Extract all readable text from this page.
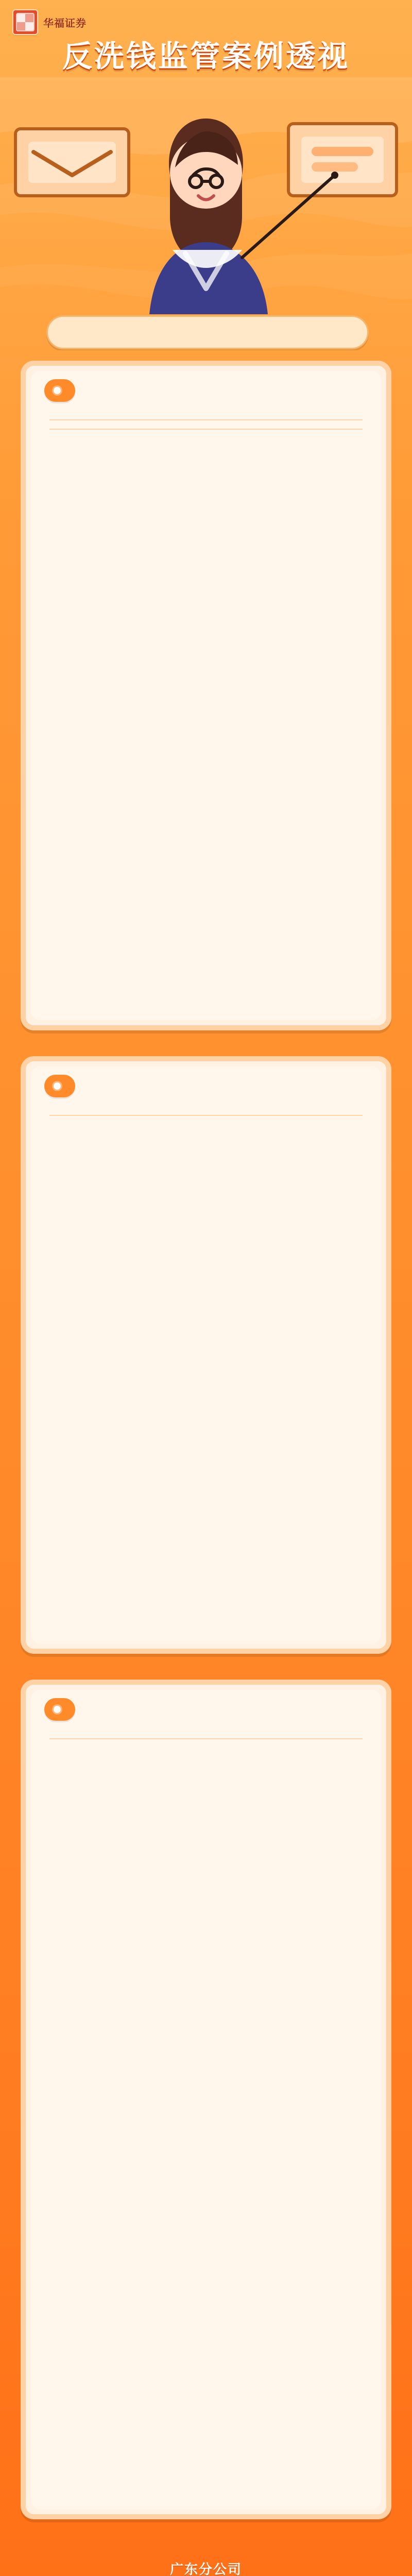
华福证券
反洗钱监管案例透视

广东分公司
